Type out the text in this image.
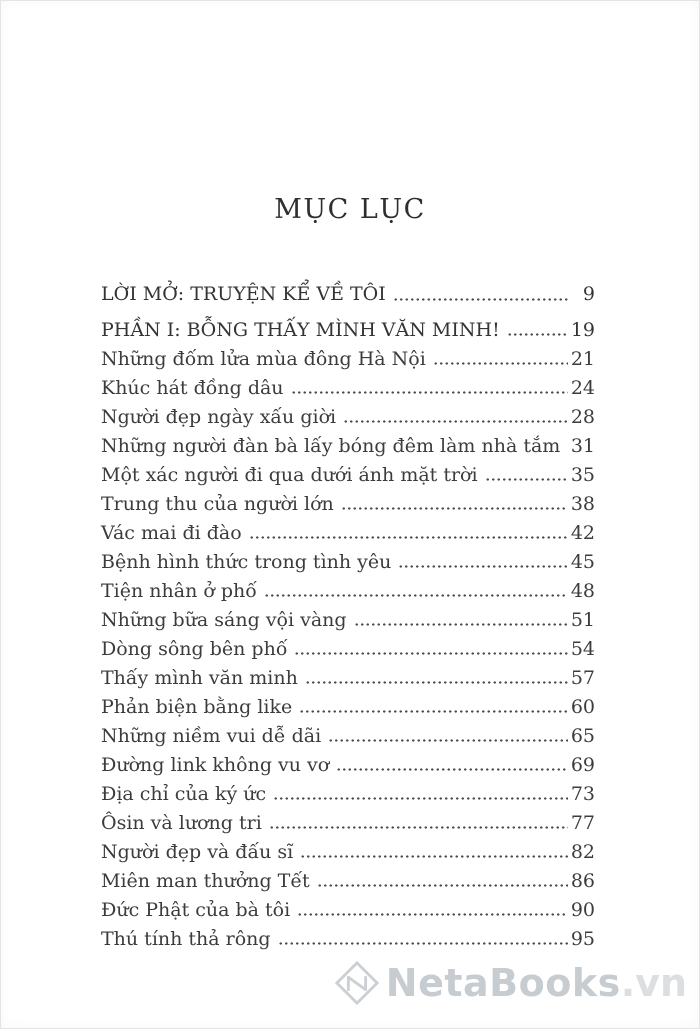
MỤC LỤC
LỜI MỞ: TRUYỆN KỂ VỀ TÔI	9
PHẦN I: BỖNG THẤY MÌNH VĂN MINH!	19
Những đốm lửa mùa đông Hà Nội	21
Khúc hát đồng dâu	24
Người đẹp ngày xấu giời	28
Những người đàn bà lấy bóng đêm làm nhà tắm 31
Một xác người đi qua dưới ánh mặt trời	35
Trung thu của người lớn	38
Vác mai đi đào	42
Bệnh hình thức trong tình yêu	45
Tiện nhân ở phố	48
Những bữa sáng vội vàng	51
Dòng sông bên phố	54
Thấy mình văn minh	57
Phản biện bằng like	60
Những niềm vui dễ dãi	65
Đường link không vu vơ	69
Địa chỉ của ký ức	73
Ôsin và lương tri	77
Người đẹp và đấu sĩ	82
Miên man thưởng Tết	86
Đức Phật của bà tôi	90
Thú tính thả rông	95
NetaBooks .vn
